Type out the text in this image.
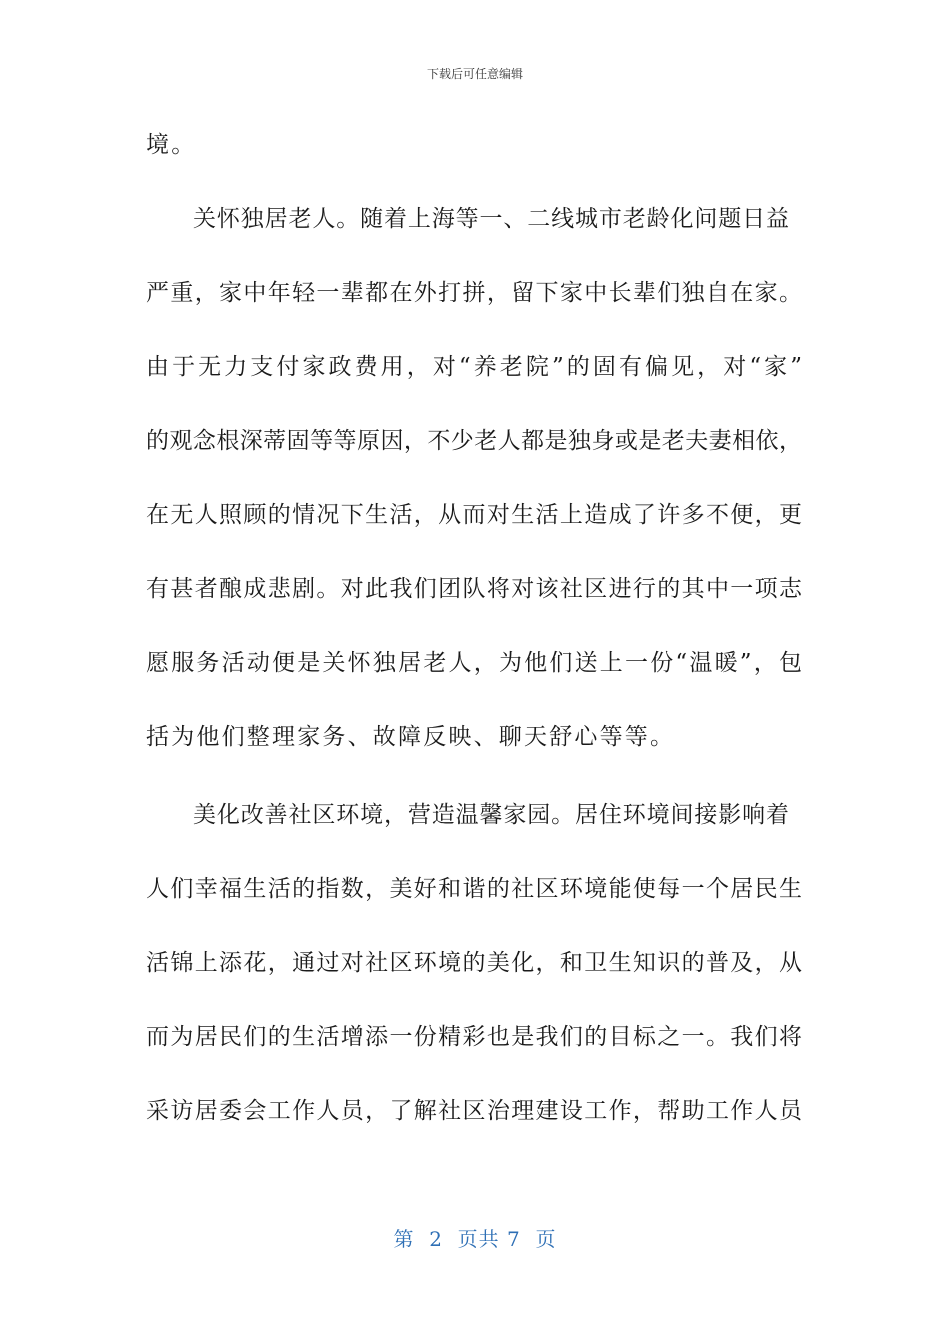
下载后可任意编辑
境。
关怀独居老人。随着上海等一、二线城市老龄化问题日益
严重，家中年轻一辈都在外打拼，留下家中长辈们独自在家。
由于无力支付家政费用，对“养老院”的固有偏见，对“家”
的观念根深蒂固等等原因，不少老人都是独身或是老夫妻相依，
在无人照顾的情况下生活，从而对生活上造成了许多不便，更
有甚者酿成悲剧。对此我们团队将对该社区进行的其中一项志
愿服务活动便是关怀独居老人，为他们送上一份“温暖”，包
括为他们整理家务、故障反映、聊天舒心等等。
美化改善社区环境，营造温馨家园。居住环境间接影响着
人们幸福生活的指数，美好和谐的社区环境能使每一个居民生
活锦上添花，通过对社区环境的美化，和卫生知识的普及，从
而为居民们的生活增添一份精彩也是我们的目标之一。我们将
采访居委会工作人员，了解社区治理建设工作，帮助工作人员
第  2  页共 7  页
